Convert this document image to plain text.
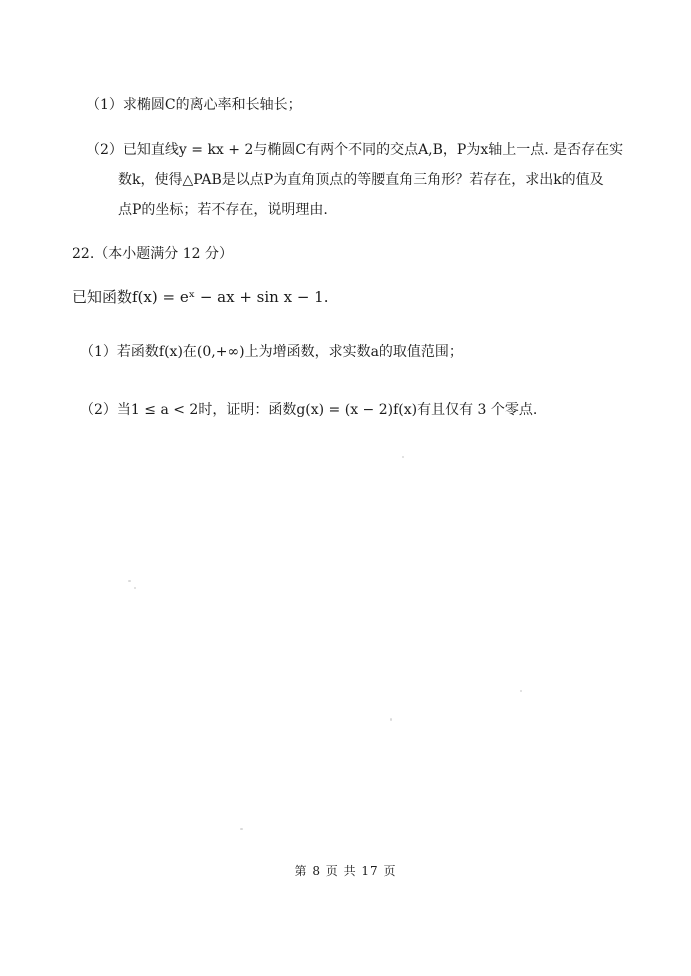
（1）求椭圆C的离心率和长轴长；
（2）已知直线y = kx + 2与椭圆C有两个不同的交点A,B，P为x轴上一点. 是否存在实
数k，使得△PAB是以点P为直角顶点的等腰直角三角形？若存在，求出k的值及
点P的坐标；若不存在，说明理由.
22.（本小题满分 12 分）
已知函数f(x) = eˣ − ax + sin x − 1.
（1）若函数f(x)在(0,+∞)上为增函数，求实数a的取值范围；
（2）当1 ≤ a < 2时，证明：函数g(x) = (x − 2)f(x)有且仅有 3 个零点.
第 8 页 共 17 页
